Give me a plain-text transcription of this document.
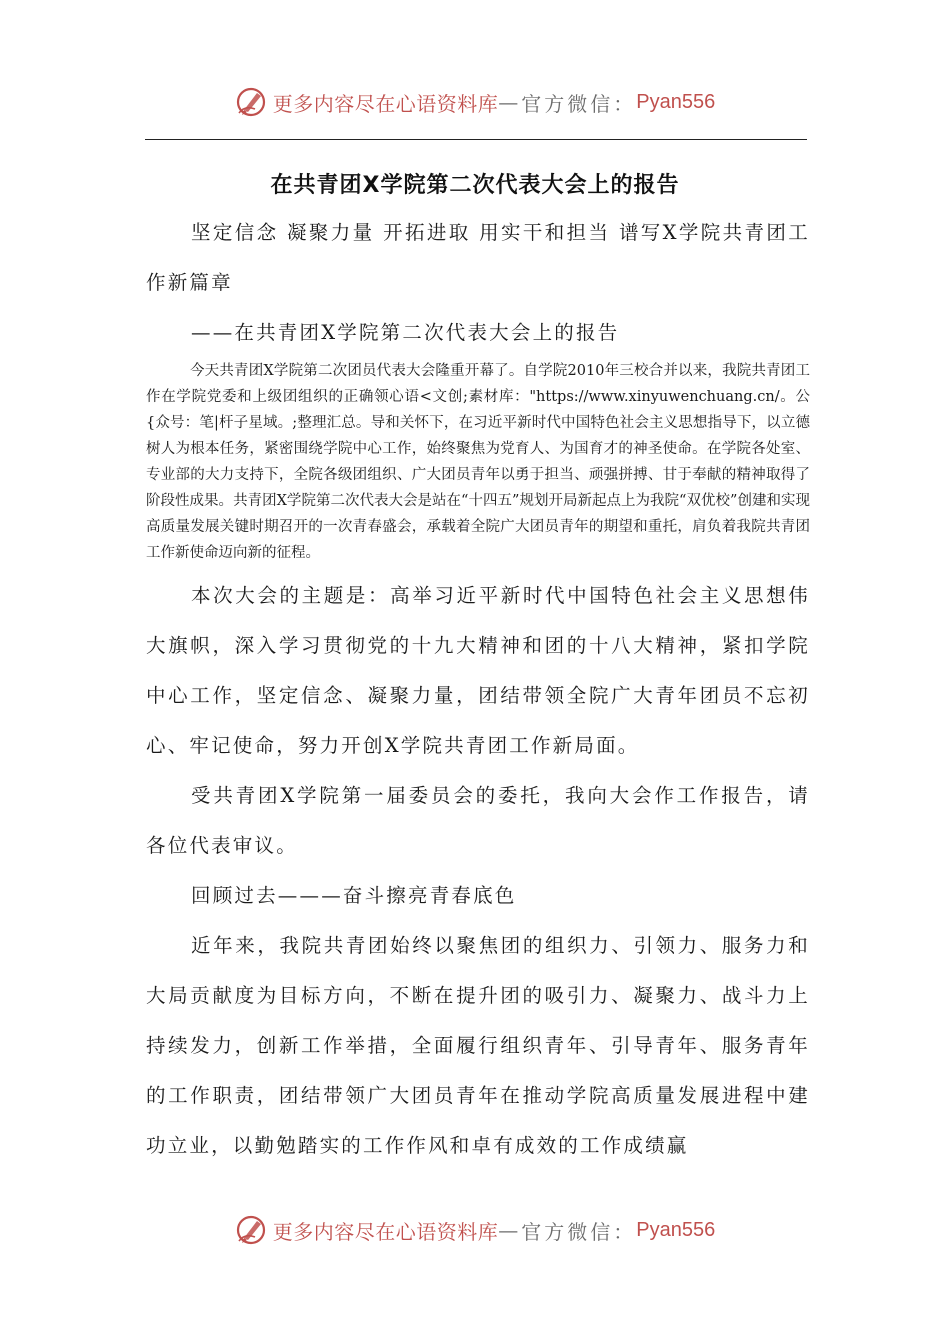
更多内容尽在心语资料库 — 官方微信： Pyan556
在共青团X学院第二次代表大会上的报告

坚定信念 凝聚力量 开拓进取 用实干和担当 谱写X学院共青团工作新篇章

——在共青团X学院第二次代表大会上的报告

今天共青团X学院第二次团员代表大会隆重开幕了。自学院2010年三校合并以来，我院共青团工作在学院党委和上级团组织的正确领心语<文创;素材库："https://www.xinyuwenchuang.cn/。公{众号：笔|杆子星域。;整理汇总。导和关怀下，在习近平新时代中国特色社会主义思想指导下，以立德树人为根本任务，紧密围绕学院中心工作，始终聚焦为党育人、为国育才的神圣使命。在学院各处室、专业部的大力支持下，全院各级团组织、广大团员青年以勇于担当、顽强拼搏、甘于奉献的精神取得了阶段性成果。共青团X学院第二次代表大会是站在“十四五”规划开局新起点上为我院“双优校”创建和实现高质量发展关键时期召开的一次青春盛会，承载着全院广大团员青年的期望和重托，肩负着我院共青团工作新使命迈向新的征程。

本次大会的主题是：高举习近平新时代中国特色社会主义思想伟大旗帜，深入学习贯彻党的十九大精神和团的十八大精神，紧扣学院中心工作，坚定信念、凝聚力量，团结带领全院广大青年团员不忘初心、牢记使命，努力开创X学院共青团工作新局面。

受共青团X学院第一届委员会的委托，我向大会作工作报告，请各位代表审议。

回顾过去———奋斗擦亮青春底色

近年来，我院共青团始终以聚焦团的组织力、引领力、服务力和大局贡献度为目标方向，不断在提升团的吸引力、凝聚力、战斗力上持续发力，创新工作举措，全面履行组织青年、引导青年、服务青年的工作职责，团结带领广大团员青年在推动学院高质量发展进程中建功立业，以勤勉踏实的工作作风和卓有成效的工作成绩赢

更多内容尽在心语资料库 — 官方微信： Pyan556
